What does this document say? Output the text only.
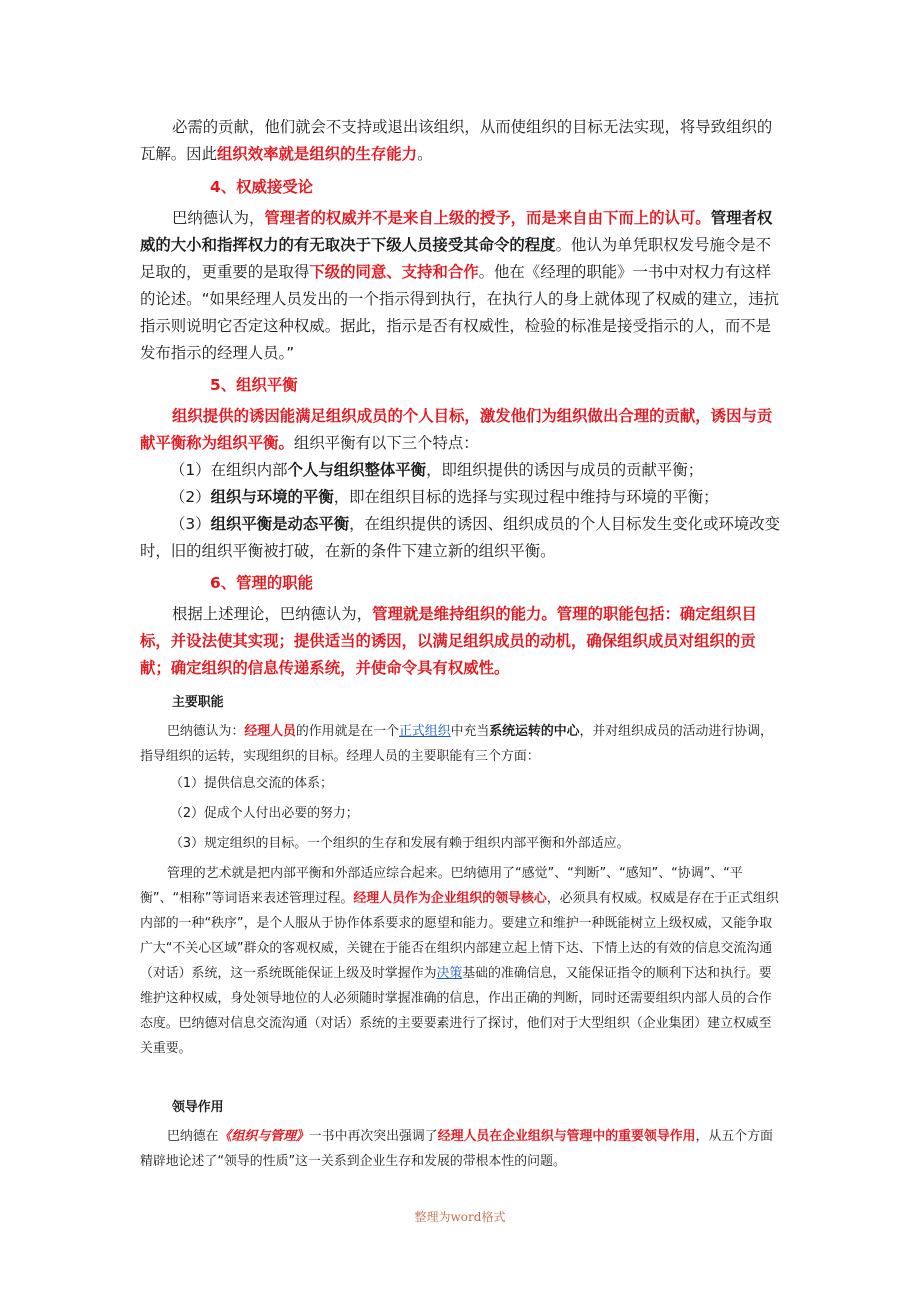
必需的贡献，他们就会不支持或退出该组织，从而使组织的目标无法实现，将导致组织的瓦解。因此组织效率就是组织的生存能力。

4、权威接受论

巴纳德认为，管理者的权威并不是来自上级的授予，而是来自由下而上的认可。管理者权威的大小和指挥权力的有无取决于下级人员接受其命令的程度。他认为单凭职权发号施令是不足取的，更重要的是取得下级的同意、支持和合作。他在《经理的职能》一书中对权力有这样的论述。“如果经理人员发出的一个指示得到执行，在执行人的身上就体现了权威的建立，违抗指示则说明它否定这种权威。据此，指示是否有权威性，检验的标准是接受指示的人，而不是发布指示的经理人员。”

5、组织平衡

组织提供的诱因能满足组织成员的个人目标，激发他们为组织做出合理的贡献，诱因与贡献平衡称为组织平衡。组织平衡有以下三个特点：

（1）在组织内部个人与组织整体平衡，即组织提供的诱因与成员的贡献平衡；

（2）组织与环境的平衡，即在组织目标的选择与实现过程中维持与环境的平衡；

（3）组织平衡是动态平衡，在组织提供的诱因、组织成员的个人目标发生变化或环境改变时，旧的组织平衡被打破，在新的条件下建立新的组织平衡。

6、管理的职能

根据上述理论，巴纳德认为，管理就是维持组织的能力。管理的职能包括：确定组织目标，并设法使其实现；提供适当的诱因，以满足组织成员的动机，确保组织成员对组织的贡献；确定组织的信息传递系统，并使命令具有权威性。

主要职能

巴纳德认为：经理人员的作用就是在一个正式组织中充当系统运转的中心，并对组织成员的活动进行协调，指导组织的运转，实现组织的目标。经理人员的主要职能有三个方面：

（1）提供信息交流的体系；

（2）促成个人付出必要的努力；

（3）规定组织的目标。一个组织的生存和发展有赖于组织内部平衡和外部适应。

管理的艺术就是把内部平衡和外部适应综合起来。巴纳德用了“感觉”、“判断”、“感知”、“协调”、“平衡”、“相称”等词语来表述管理过程。经理人员作为企业组织的领导核心，必须具有权威。权威是存在于正式组织内部的一种“秩序”，是个人服从于协作体系要求的愿望和能力。要建立和维护一种既能树立上级权威，又能争取广大“不关心区域”群众的客观权威，关键在于能否在组织内部建立起上情下达、下情上达的有效的信息交流沟通（对话）系统，这一系统既能保证上级及时掌握作为决策基础的准确信息，又能保证指令的顺利下达和执行。要维护这种权威，身处领导地位的人必须随时掌握准确的信息，作出正确的判断，同时还需要组织内部人员的合作态度。巴纳德对信息交流沟通（对话）系统的主要要素进行了探讨，他们对于大型组织（企业集团）建立权威至关重要。

领导作用

巴纳德在《组织与管理》一书中再次突出强调了经理人员在企业组织与管理中的重要领导作用，从五个方面精辟地论述了“领导的性质”这一关系到企业生存和发展的带根本性的问题。

整理为word格式
